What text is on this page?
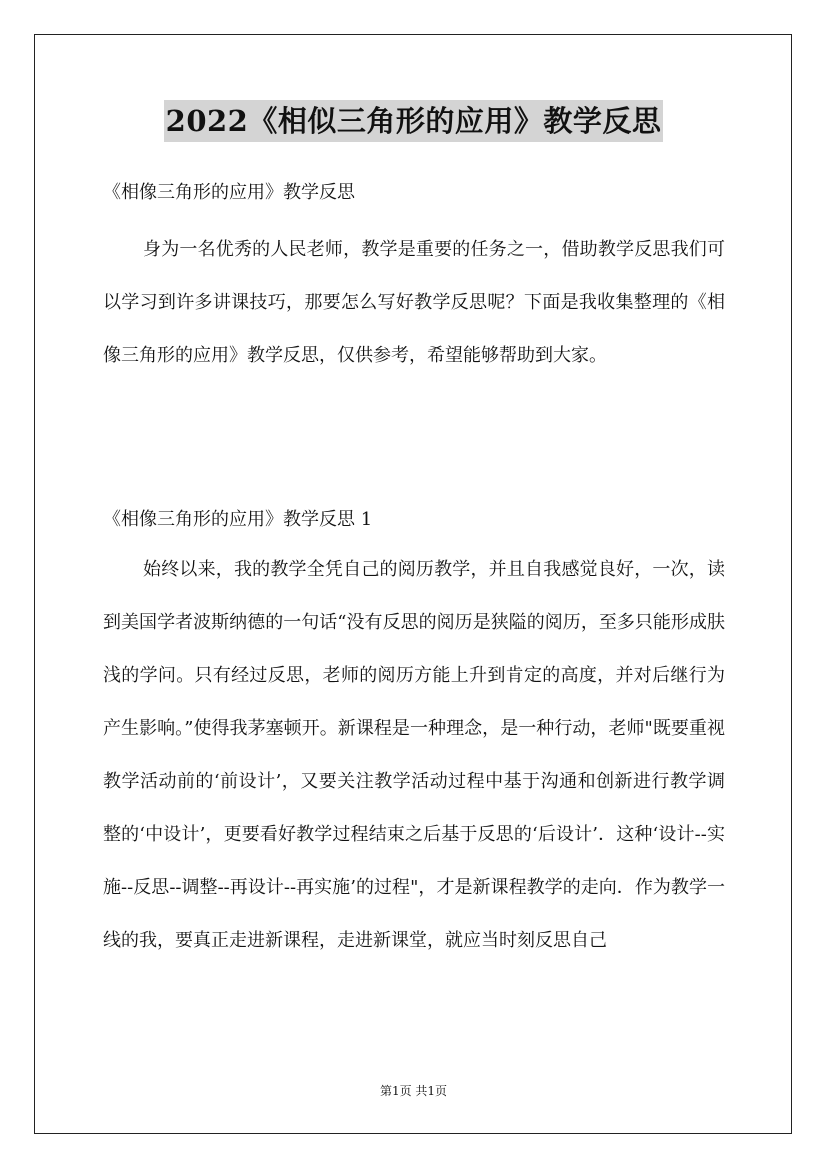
2022《相似三角形的应用》教学反思

《相像三角形的应用》教学反思

身为一名优秀的人民老师，教学是重要的任务之一，借助教学反思我们可以学习到许多讲课技巧，那要怎么写好教学反思呢？下面是我收集整理的《相像三角形的应用》教学反思，仅供参考，希望能够帮助到大家。

《相像三角形的应用》教学反思 1

始终以来，我的教学全凭自己的阅历教学，并且自我感觉良好，一次，读到美国学者波斯纳德的一句话“没有反思的阅历是狭隘的阅历，至多只能形成肤浅的学问。只有经过反思，老师的阅历方能上升到肯定的高度，并对后继行为产生影响。”使得我茅塞顿开。新课程是一种理念，是一种行动，老师"既要重视教学活动前的‘前设计’，又要关注教学活动过程中基于沟通和创新进行教学调整的‘中设计’，更要看好教学过程结束之后基于反思的‘后设计’．这种‘设计--实施--反思--调整--再设计--再实施’的过程"，才是新课程教学的走向．作为教学一线的我，要真正走进新课程，走进新课堂，就应当时刻反思自己

第1页 共1页
